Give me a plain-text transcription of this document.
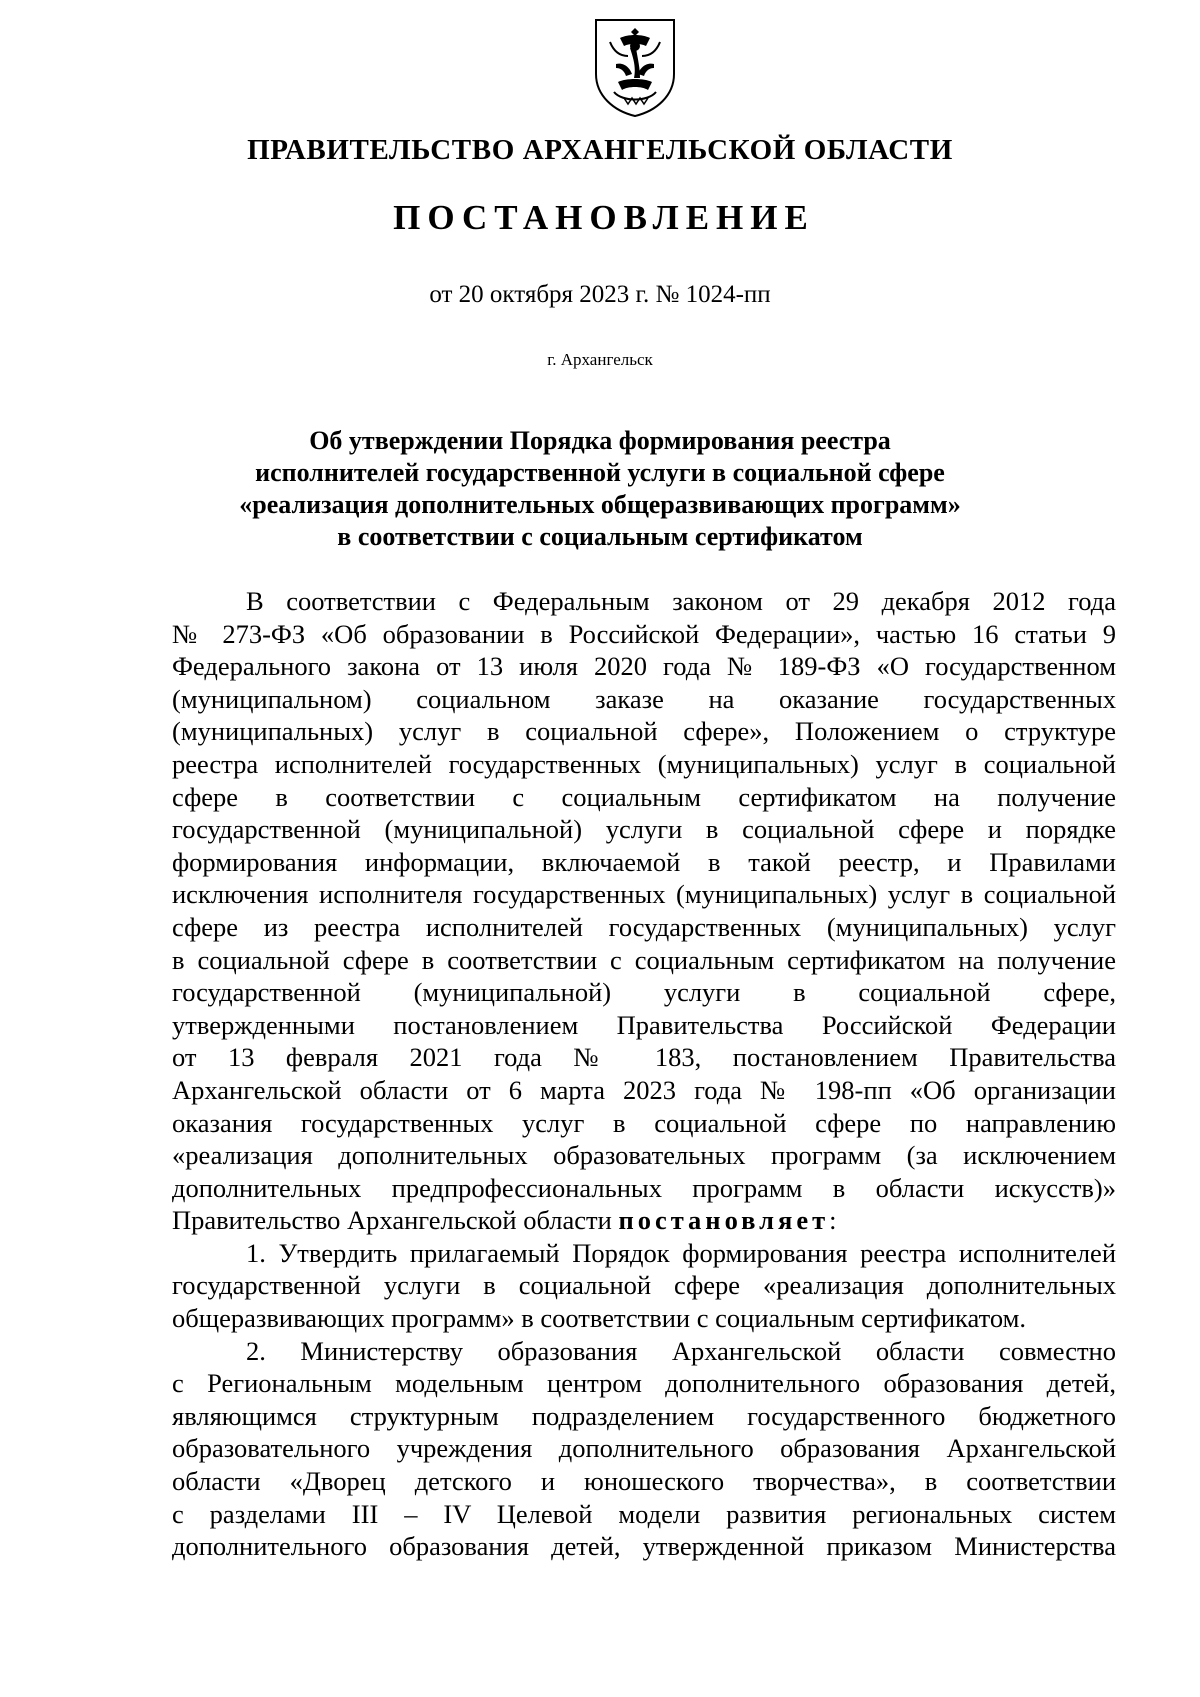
ПРАВИТЕЛЬСТВО АРХАНГЕЛЬСКОЙ ОБЛАСТИ
ПОСТАНОВЛЕНИЕ
от 20 октября 2023 г. № 1024-пп
г. Архангельск
Об утверждении Порядка формирования реестра
исполнителей государственной услуги в социальной сфере
«реализация дополнительных общеразвивающих программ»
в соответствии с социальным сертификатом
В соответствии с Федеральным законом от 29 декабря 2012 года
№ 273-ФЗ «Об образовании в Российской Федерации», частью 16 статьи 9
Федерального закона от 13 июля 2020 года № 189-ФЗ «О государственном
(муниципальном) социальном заказе на оказание государственных
(муниципальных) услуг в социальной сфере», Положением о структуре
реестра исполнителей государственных (муниципальных) услуг в социальной
сфере в соответствии с социальным сертификатом на получение
государственной (муниципальной) услуги в социальной сфере и порядке
формирования информации, включаемой в такой реестр, и Правилами
исключения исполнителя государственных (муниципальных) услуг в социальной
сфере из реестра исполнителей государственных (муниципальных) услуг
в социальной сфере в соответствии с социальным сертификатом на получение
государственной (муниципальной) услуги в социальной сфере,
утвержденными постановлением Правительства Российской Федерации
от 13 февраля 2021 года № 183, постановлением Правительства
Архангельской области от 6 марта 2023 года № 198-пп «Об организации
оказания государственных услуг в социальной сфере по направлению
«реализация дополнительных образовательных программ (за исключением
дополнительных предпрофессиональных программ в области искусств)»
Правительство Архангельской области постановляет:
1. Утвердить прилагаемый Порядок формирования реестра исполнителей
государственной услуги в социальной сфере «реализация дополнительных
общеразвивающих программ» в соответствии с социальным сертификатом.
2. Министерству образования Архангельской области совместно
с Региональным модельным центром дополнительного образования детей,
являющимся структурным подразделением государственного бюджетного
образовательного учреждения дополнительного образования Архангельской
области «Дворец детского и юношеского творчества», в соответствии
с разделами III – IV Целевой модели развития региональных систем
дополнительного образования детей, утвержденной приказом Министерства
